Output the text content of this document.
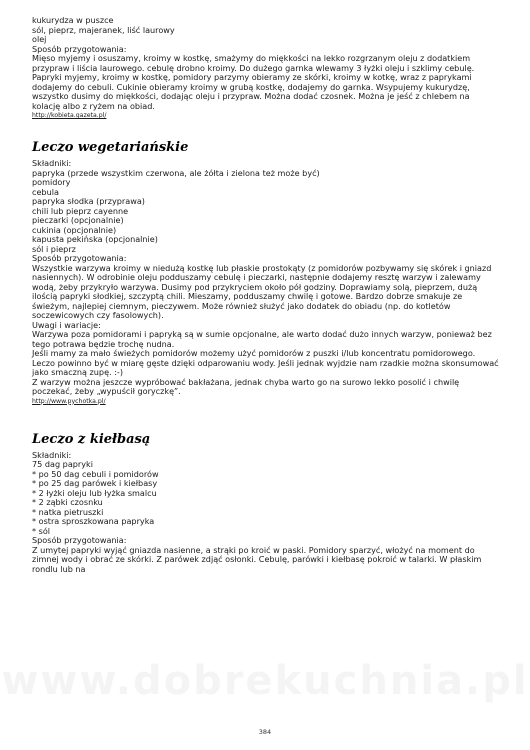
kukurydza w puszce
sól, pieprz, majeranek, liść laurowy
olej
Sposób przygotowania:
Mięso myjemy i osuszamy, kroimy w kostkę, smażymy do miękkości na lekko rozgrzanym oleju z dodatkiem przypraw i liścia laurowego. cebulę drobno kroimy. Do dużego garnka wlewamy 3 łyżki oleju i szklimy cebulę. Papryki myjemy, kroimy w kostkę, pomidory parzymy obieramy ze skórki, kroimy w kotkę, wraz z paprykami dodajemy do cebuli. Cukinie obieramy kroimy w grubą kostkę, dodajemy do garnka. Wsypujemy kukurydzę, wszystko dusimy do miękkości, dodając oleju i przypraw. Można dodać czosnek. Można je jeść z chlebem na kolację albo z ryżem na obiad.
http://kobieta.gazeta.pl/
Leczo wegetariańskie
Składniki:
papryka (przede wszystkim czerwona, ale żółta i zielona też może być)
pomidory
cebula
papryka słodka (przyprawa)
chili lub pieprz cayenne
pieczarki (opcjonalnie)
cukinia (opcjonalnie)
kapusta pekińska (opcjonalnie)
sól i pieprz
Sposób przygotowania:
Wszystkie warzywa kroimy w niedużą kostkę lub płaskie prostokąty (z pomidorów pozbywamy się skórek i gniazd nasiennych). W odrobinie oleju podduszamy cebulę i pieczarki, następnie dodajemy resztę warzyw i zalewamy wodą, żeby przykryło warzywa. Dusimy pod przykryciem około pół godziny. Doprawiamy solą, pieprzem, dużą ilością papryki słodkiej, szczyptą chili. Mieszamy, podduszamy chwilę i gotowe. Bardzo dobrze smakuje ze świeżym, najlepiej ciemnym, pieczywem. Może również służyć jako dodatek do obiadu (np. do kotletów soczewicowych czy fasolowych).
Uwagi i wariacje:
Warzywa poza pomidorami i papryką są w sumie opcjonalne, ale warto dodać dużo innych warzyw, ponieważ bez tego potrawa będzie trochę nudna.
Jeśli mamy za mało świeżych pomidorów możemy użyć pomidorów z puszki i/lub koncentratu pomidorowego.
Leczo powinno być w miarę gęste dzięki odparowaniu wody. Jeśli jednak wyjdzie nam rzadkie można skonsumować jako smaczną zupę. :-)
Z warzyw można jeszcze wypróbować bakłażana, jednak chyba warto go na surowo lekko posolić i chwilę poczekać, żeby „wypuścił goryczkę”.
http://www.pychotka.pl/
Leczo z kiełbasą
Składniki:
75 dag papryki
* po 50 dag cebuli i pomidorów
* po 25 dag parówek i kiełbasy
* 2 łyżki oleju lub łyżka smalcu
* 2 ząbki czosnku
* natka pietruszki
* ostra sproszkowana papryka
* sól
Sposób przygotowania:
Z umytej papryki wyjąć gniazda nasienne, a strąki po kroić w paski. Pomidory sparzyć, włożyć na moment do zimnej wody i obrać ze skórki. Z parówek zdjąć osłonki. Cebulę, parówki i kiełbasę pokroić w talarki. W płaskim rondlu lub na
www.dobrekuchnia.pl
384
